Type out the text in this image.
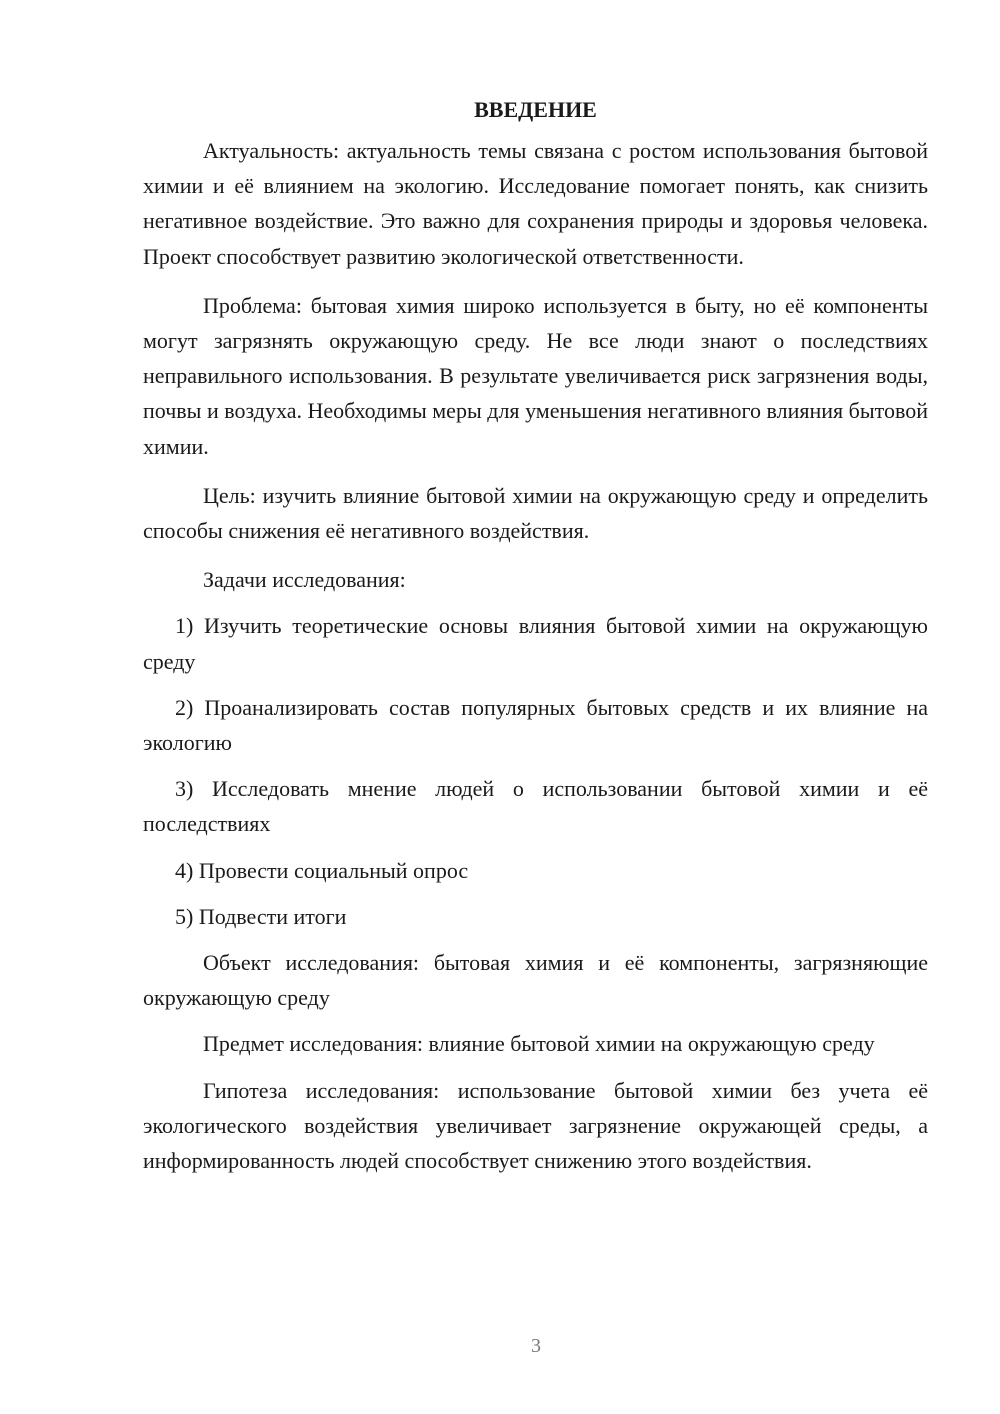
ВВЕДЕНИЕ

Актуальность: актуальность темы связана с ростом использования бытовой химии и её влиянием на экологию. Исследование помогает понять, как снизить негативное воздействие. Это важно для сохранения природы и здоровья человека. Проект способствует развитию экологической ответственности.

Проблема: бытовая химия широко используется в быту, но её компоненты могут загрязнять окружающую среду. Не все люди знают о последствиях неправильного использования. В результате увеличивается риск загрязнения воды, почвы и воздуха. Необходимы меры для уменьшения негативного влияния бытовой химии.

Цель: изучить влияние бытовой химии на окружающую среду и определить способы снижения её негативного воздействия.

Задачи исследования:

1) Изучить теоретические основы влияния бытовой химии на окружающую среду

2) Проанализировать состав популярных бытовых средств и их влияние на экологию

3) Исследовать мнение людей о использовании бытовой химии и её последствиях

4) Провести социальный опрос

5) Подвести итоги

Объект исследования: бытовая химия и её компоненты, загрязняющие окружающую среду

Предмет исследования: влияние бытовой химии на окружающую среду

Гипотеза исследования: использование бытовой химии без учета её экологического воздействия увеличивает загрязнение окружающей среды, а информированность людей способствует снижению этого воздействия.

3
